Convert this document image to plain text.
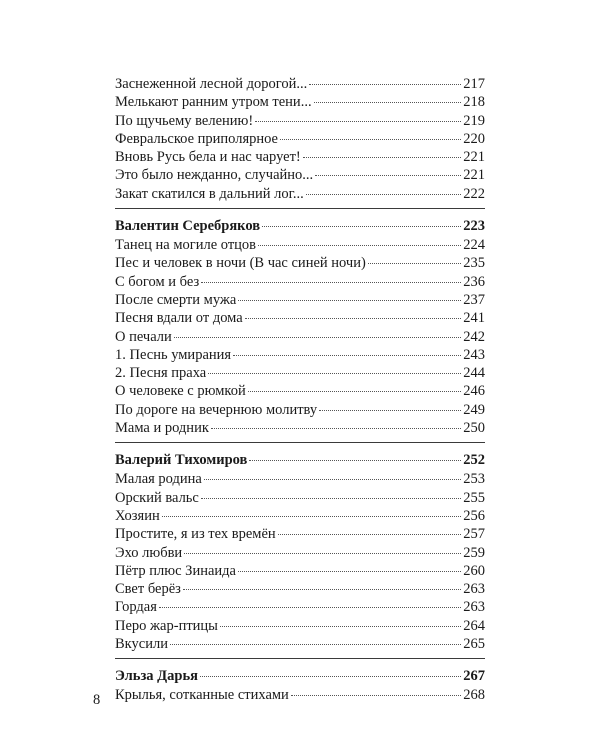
Заснеженной лесной дорогой...	217
Мелькают ранним утром тени...	218
По щучьему велению!	219
Февральское приполярное	220
Вновь Русь бела и нас чарует!	221
Это было нежданно, случайно...	221
Закат скатился в дальний лог...	222
Валентин Серебряков	223
Танец на могиле отцов	224
Пес и человек в ночи (В час синей ночи)	235
С богом и без	236
После смерти мужа	237
Песня вдали от дома	241
О печали	242
1. Песнь умирания	243
2. Песня праха	244
О человеке с рюмкой	246
По дороге на вечернюю молитву	249
Мама и родник	250
Валерий Тихомиров	252
Малая родина	253
Орский вальс	255
Хозяин	256
Простите, я из тех времён	257
Эхо любви	259
Пётр плюс Зинаида	260
Свет берёз	263
Гордая	263
Перо жар-птицы	264
Вкусили	265
Эльза Дарья	267
Крылья, сотканные стихами	268
8
